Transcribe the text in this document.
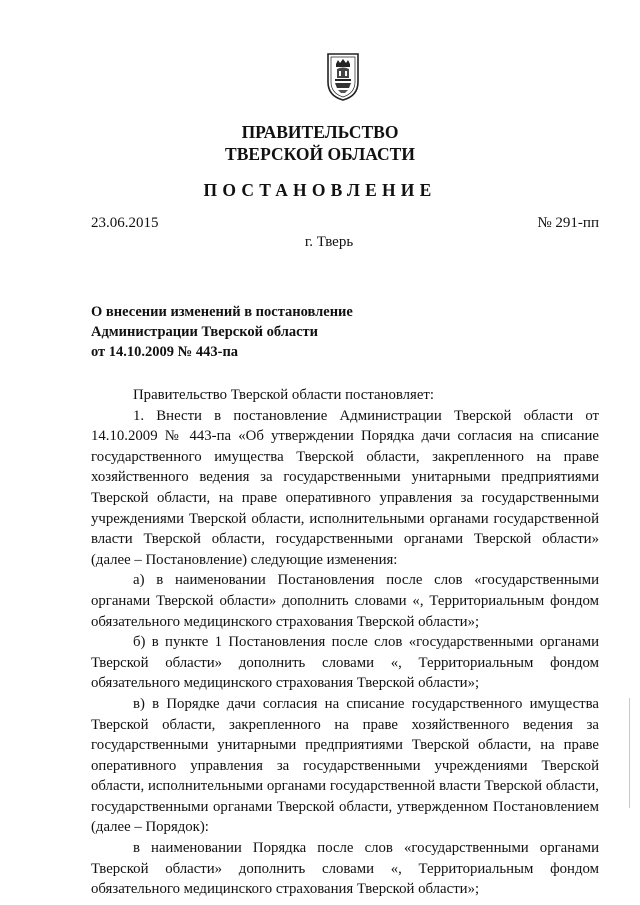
ПРАВИТЕЛЬСТВО
ТВЕРСКОЙ ОБЛАСТИ
ПОСТАНОВЛЕНИЕ
23.06.2015	№ 291-пп
г. Тверь
О внесении изменений в постановление
Администрации Тверской области
от 14.10.2009 № 443-па

Правительство Тверской области постановляет:

1. Внести в постановление Администрации Тверской области от 14.10.2009 № 443-па «Об утверждении Порядка дачи согласия на списание государственного имущества Тверской области, закрепленного на праве хозяйственного ведения за государственными унитарными предприятиями Тверской области, на праве оперативного управления за государственными учреждениями Тверской области, исполнительными органами государственной власти Тверской области, государственными органами Тверской области» (далее – Постановление) следующие изменения:

а) в наименовании Постановления после слов «государственными органами Тверской области» дополнить словами «, Территориальным фондом обязательного медицинского страхования Тверской области»;

б) в пункте 1 Постановления после слов «государственными органами Тверской области» дополнить словами «, Территориальным фондом обязательного медицинского страхования Тверской области»;

в) в Порядке дачи согласия на списание государственного имущества Тверской области, закрепленного на праве хозяйственного ведения за государственными унитарными предприятиями Тверской области, на праве оперативного управления за государственными учреждениями Тверской области, исполнительными органами государственной власти Тверской области, государственными органами Тверской области, утвержденном Постановлением (далее – Порядок):

в наименовании Порядка после слов «государственными органами Тверской области» дополнить словами «, Территориальным фондом обязательного медицинского страхования Тверской области»;
